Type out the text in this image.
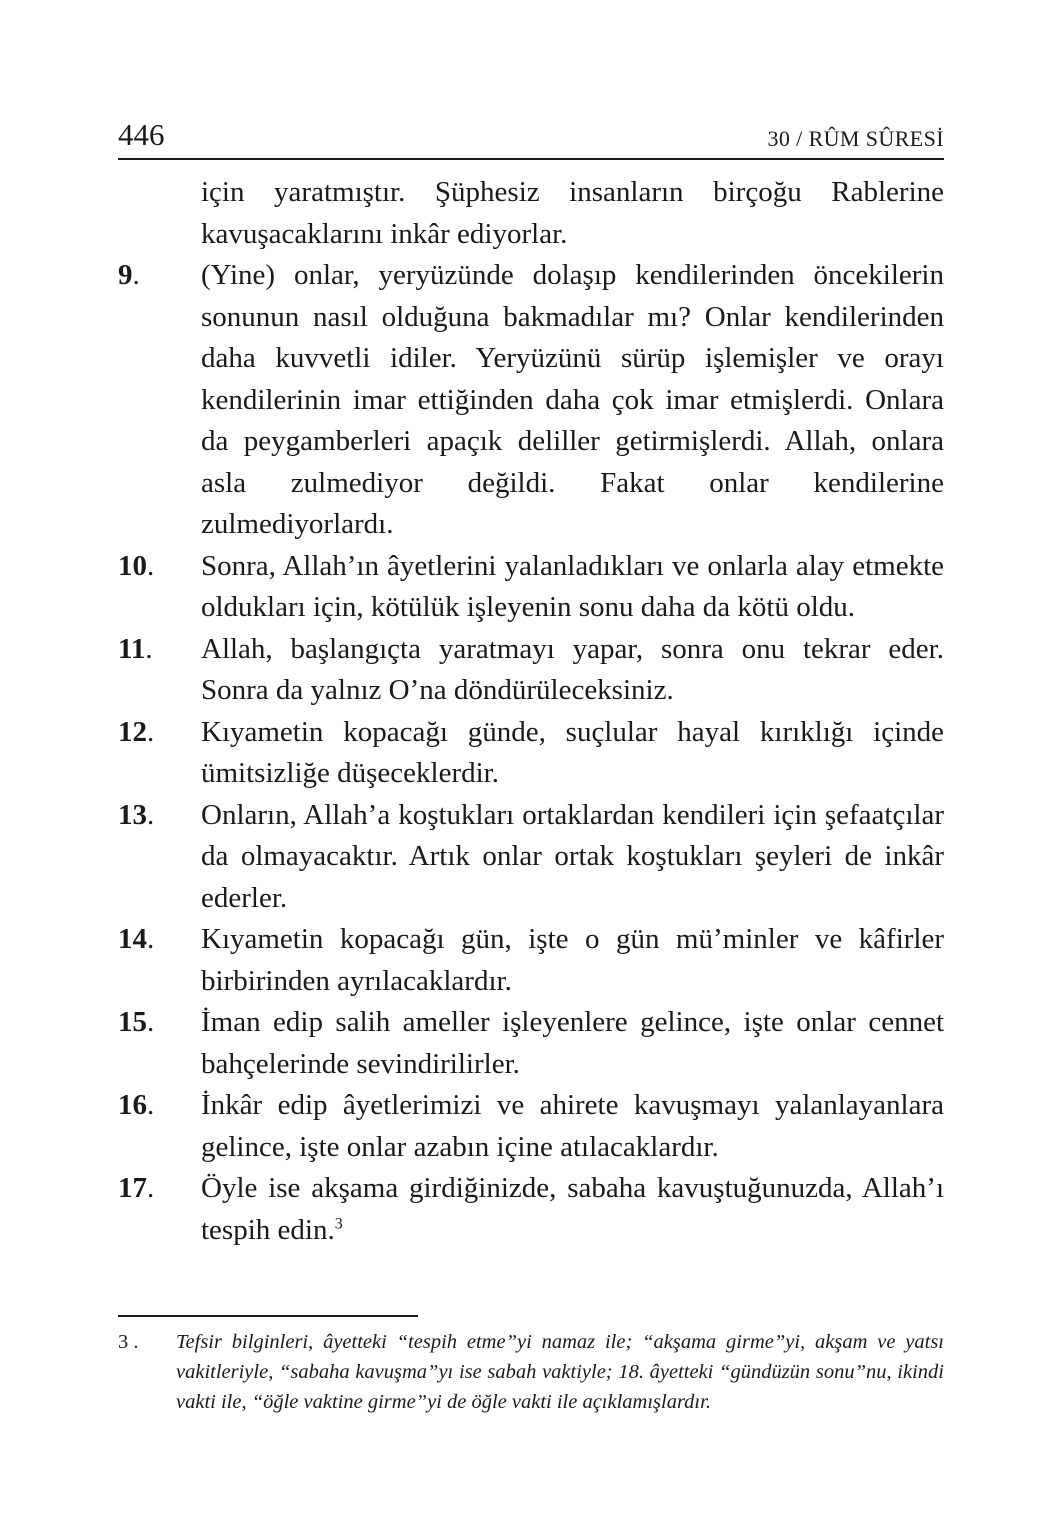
446	30 / RÛM SÛRESİ
için yaratmıştır. Şüphesiz insanların birçoğu Rablerine kavuşacaklarını inkâr ediyorlar.
9.	(Yine) onlar, yeryüzünde dolaşıp kendilerinden öncekilerin sonunun nasıl olduğuna bakmadılar mı? Onlar kendilerinden daha kuvvetli idiler. Yeryüzünü sürüp işlemişler ve orayı kendilerinin imar ettiğinden daha çok imar etmişlerdi. Onlara da peygamberleri apaçık deliller getirmişlerdi. Allah, onlara asla zulmediyor değildi. Fakat onlar kendilerine zulmediyorlardı.
10.	Sonra, Allah’ın âyetlerini yalanladıkları ve onlarla alay etmekte oldukları için, kötülük işleyenin sonu daha da kötü oldu.
11.	Allah, başlangıçta yaratmayı yapar, sonra onu tekrar eder. Sonra da yalnız O’na döndürüleceksiniz.
12.	Kıyametin kopacağı günde, suçlular hayal kırıklığı içinde ümitsizliğe düşeceklerdir.
13.	Onların, Allah’a koştukları ortaklardan kendileri için şefaatçılar da olmayacaktır. Artık onlar ortak koştukları şeyleri de inkâr ederler.
14.	Kıyametin kopacağı gün, işte o gün mü’minler ve kâfirler birbirinden ayrılacaklardır.
15.	İman edip salih ameller işleyenlere gelince, işte onlar cennet bahçelerinde sevindirilirler.
16.	İnkâr edip âyetlerimizi ve ahirete kavuşmayı yalanlayanlara gelince, işte onlar azabın içine atılacaklardır.
17.	Öyle ise akşama girdiğinizde, sabaha kavuştuğunuzda, Allah’ı tespih edin.$^3$
3 .	Tefsir bilginleri, âyetteki “tespih etme”yi namaz ile; “akşama girme”yi, akşam ve yatsı vakitleriyle, “sabaha kavuşma”yı ise sabah vaktiyle; 18. âyetteki “gündüzün sonu”nu, ikindi vakti ile, “öğle vaktine girme”yi de öğle vakti ile açıklamışlardır.
